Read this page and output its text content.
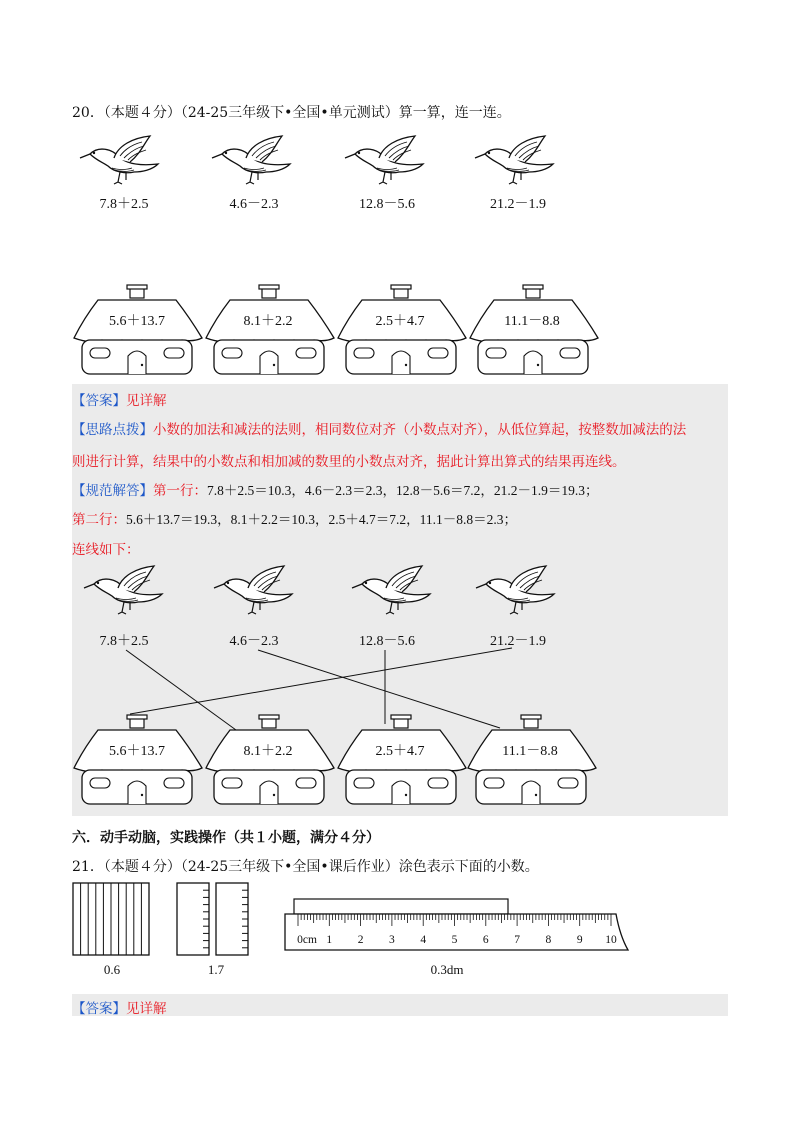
20．（本题４分）（24-25三年级下•全国•单元测试）算一算，连一连。
7.8＋2.5	4.6－2.3	12.8－5.6	21.2－1.9
5.6＋13.7	8.1＋2.2	2.5＋4.7	11.1－8.8
【答案】见详解
【思路点拨】小数的加法和减法的法则，相同数位对齐（小数点对齐），从低位算起，按整数加减法的法
则进行计算，结果中的小数点和相加减的数里的小数点对齐，据此计算出算式的结果再连线。
【规范解答】第一行：7.8＋2.5＝10.3，4.6－2.3＝2.3，12.8－5.6＝7.2，21.2－1.9＝19.3；
第二行：5.6＋13.7＝19.3，8.1＋2.2＝10.3，2.5＋4.7＝7.2，11.1－8.8＝2.3；
连线如下：
7.8＋2.5	4.6－2.3	12.8－5.6	21.2－1.9
5.6＋13.7	8.1＋2.2	2.5＋4.7	11.1－8.8
六．动手动脑，实践操作（共１小题，满分４分）
21．（本题４分）（24-25三年级下•全国•课后作业）涂色表示下面的小数。
0.6	1.7
0cm 1	2	3	4	5	6	7	8	9	10
0.3dm
【答案】见详解
